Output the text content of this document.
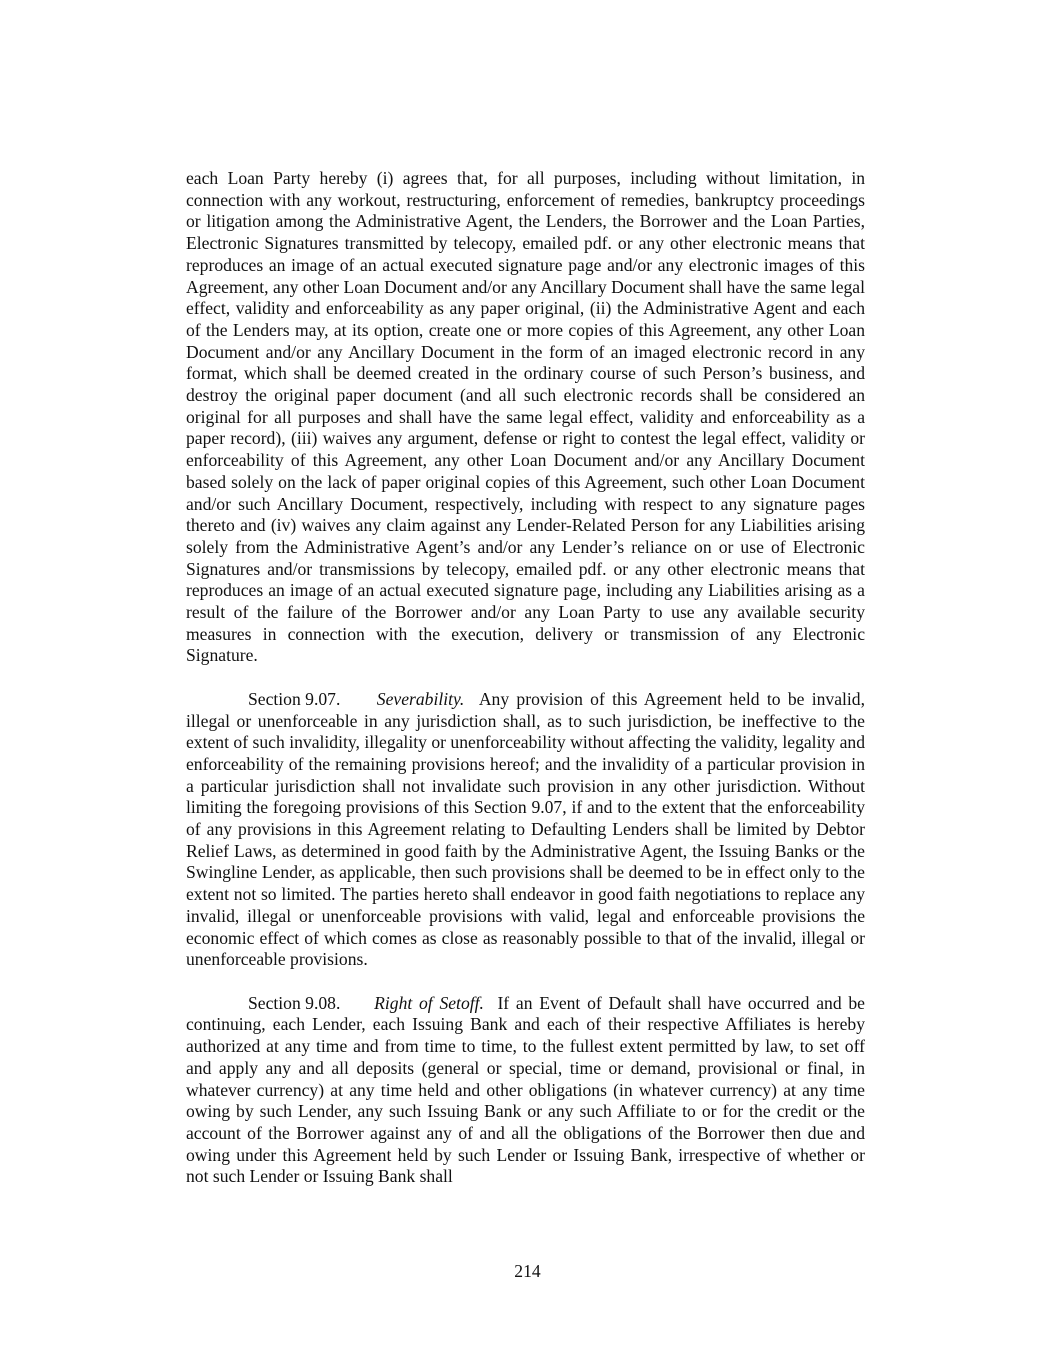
each Loan Party hereby (i) agrees that, for all purposes, including without limitation, in connection with any workout, restructuring, enforcement of remedies, bankruptcy proceedings or litigation among the Administrative Agent, the Lenders, the Borrower and the Loan Parties, Electronic Signatures transmitted by telecopy, emailed pdf. or any other electronic means that reproduces an image of an actual executed signature page and/or any electronic images of this Agreement, any other Loan Document and/or any Ancillary Document shall have the same legal effect, validity and enforceability as any paper original, (ii) the Administrative Agent and each of the Lenders may, at its option, create one or more copies of this Agreement, any other Loan Document and/or any Ancillary Document in the form of an imaged electronic record in any format, which shall be deemed created in the ordinary course of such Person’s business, and destroy the original paper document (and all such electronic records shall be considered an original for all purposes and shall have the same legal effect, validity and enforceability as a paper record), (iii) waives any argument, defense or right to contest the legal effect, validity or enforceability of this Agreement, any other Loan Document and/or any Ancillary Document based solely on the lack of paper original copies of this Agreement, such other Loan Document and/or such Ancillary Document, respectively, including with respect to any signature pages thereto and (iv) waives any claim against any Lender-Related Person for any Liabilities arising solely from the Administrative Agent’s and/or any Lender’s reliance on or use of Electronic Signatures and/or transmissions by telecopy, emailed pdf. or any other electronic means that reproduces an image of an actual executed signature page, including any Liabilities arising as a result of the failure of the Borrower and/or any Loan Party to use any available security measures in connection with the execution, delivery or transmission of any Electronic Signature.

Section 9.07. Severability. Any provision of this Agreement held to be invalid, illegal or unenforceable in any jurisdiction shall, as to such jurisdiction, be ineffective to the extent of such invalidity, illegality or unenforceability without affecting the validity, legality and enforceability of the remaining provisions hereof; and the invalidity of a particular provision in a particular jurisdiction shall not invalidate such provision in any other jurisdiction. Without limiting the foregoing provisions of this Section 9.07, if and to the extent that the enforceability of any provisions in this Agreement relating to Defaulting Lenders shall be limited by Debtor Relief Laws, as determined in good faith by the Administrative Agent, the Issuing Banks or the Swingline Lender, as applicable, then such provisions shall be deemed to be in effect only to the extent not so limited. The parties hereto shall endeavor in good faith negotiations to replace any invalid, illegal or unenforceable provisions with valid, legal and enforceable provisions the economic effect of which comes as close as reasonably possible to that of the invalid, illegal or unenforceable provisions.

Section 9.08. Right of Setoff. If an Event of Default shall have occurred and be continuing, each Lender, each Issuing Bank and each of their respective Affiliates is hereby authorized at any time and from time to time, to the fullest extent permitted by law, to set off and apply any and all deposits (general or special, time or demand, provisional or final, in whatever currency) at any time held and other obligations (in whatever currency) at any time owing by such Lender, any such Issuing Bank or any such Affiliate to or for the credit or the account of the Borrower against any of and all the obligations of the Borrower then due and owing under this Agreement held by such Lender or Issuing Bank, irrespective of whether or not such Lender or Issuing Bank shall

214
